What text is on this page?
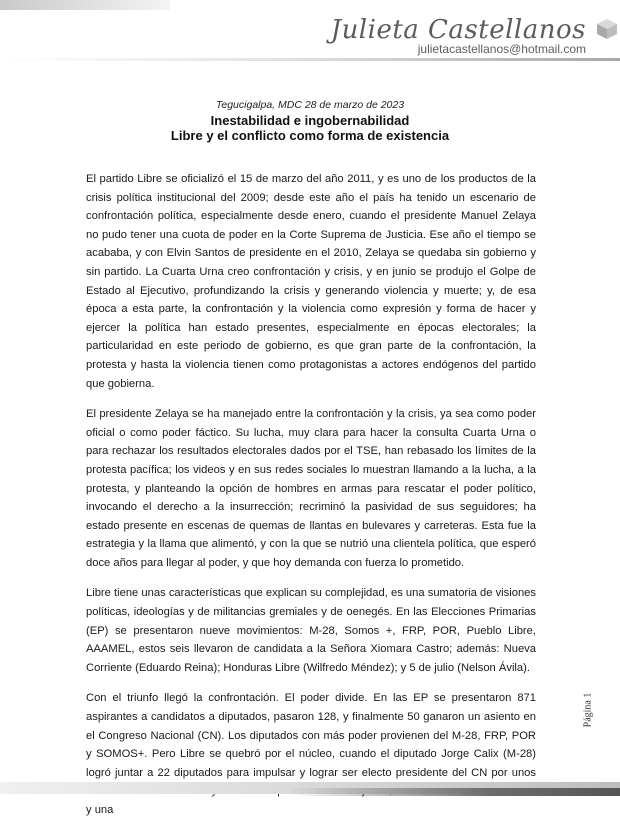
Julieta Castellanos
julietacastellanos@hotmail.com
Tegucigalpa, MDC 28 de marzo de 2023
Inestabilidad e ingobernabilidad
Libre y el conflicto como forma de existencia

El partido Libre se oficializó el 15 de marzo del año 2011, y es uno de los productos de la crisis política institucional del 2009; desde este año el país ha tenido un escenario de confrontación política, especialmente desde enero, cuando el presidente Manuel Zelaya no pudo tener una cuota de poder en la Corte Suprema de Justicia. Ese año el tiempo se acababa, y con Elvin Santos de presidente en el 2010, Zelaya se quedaba sin gobierno y sin partido. La Cuarta Urna creo confrontación y crisis, y en junio se produjo el Golpe de Estado al Ejecutivo, profundizando la crisis y generando violencia y muerte; y, de esa época a esta parte, la confrontación y la violencia como expresión y forma de hacer y ejercer la política han estado presentes, especialmente en épocas electorales; la particularidad en este periodo de gobierno, es que gran parte de la confrontación, la protesta y hasta la violencia tienen como protagonistas a actores endógenos del partido que gobierna.

El presidente Zelaya se ha manejado entre la confrontación y la crisis, ya sea como poder oficial o como poder fáctico. Su lucha, muy clara para hacer la consulta Cuarta Urna o para rechazar los resultados electorales dados por el TSE, han rebasado los límites de la protesta pacífica; los videos y en sus redes sociales lo muestran llamando a la lucha, a la protesta, y planteando la opción de hombres en armas para rescatar el poder político, invocando el derecho a la insurrección; recriminó la pasividad de sus seguidores; ha estado presente en escenas de quemas de llantas en bulevares y carreteras. Esta fue la estrategia y la llama que alimentó, y con la que se nutrió una clientela política, que esperó doce años para llegar al poder, y que hoy demanda con fuerza lo prometido.

Libre tiene unas características que explican su complejidad, es una sumatoria de visiones políticas, ideologías y de militancias gremiales y de oenegés. En las Elecciones Primarias (EP) se presentaron nueve movimientos: M-28, Somos +, FRP, POR, Pueblo Libre, AAAMEL, estos seis llevaron de candidata a la Señora Xiomara Castro; además: Nueva Corriente (Eduardo Reina); Honduras Libre (Wilfredo Méndez); y 5 de julio (Nelson Ávila).

Con el triunfo llegó la confrontación. El poder divide. En las EP se presentaron 871 aspirantes a candidatos a diputados, pasaron 128, y finalmente 50 ganaron un asiento en el Congreso Nacional (CN). Los diputados con más poder provienen del M-28, FRP, POR y SOMOS+. Pero Libre se quebró por el núcleo, cuando el diputado Jorge Calix (M-28) logró juntar a 22 diputados para impulsar y lograr ser electo presidente del CN por unos y una

Página 1
